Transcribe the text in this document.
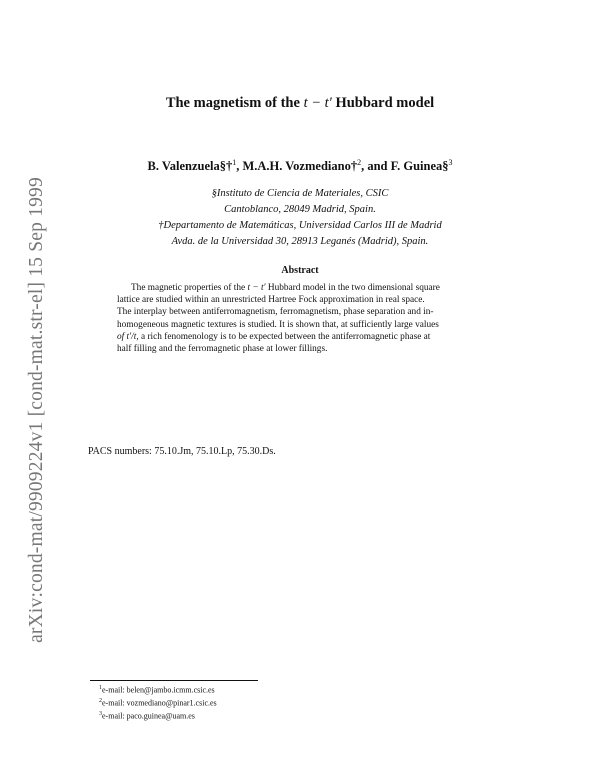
arXiv:cond-mat/9909224v1 [cond-mat.str-el] 15 Sep 1999
The magnetism of the t − t′ Hubbard model
B. Valenzuela§†$^1$, M.A.H. Vozmediano†$^2$, and F. Guinea§$^3$
§Instituto de Ciencia de Materiales, CSIC
Cantoblanco, 28049 Madrid, Spain.
†Departamento de Matemáticas, Universidad Carlos III de Madrid
Avda. de la Universidad 30, 28913 Leganés (Madrid), Spain.
Abstract
The magnetic properties of the t − t′ Hubbard model in the two dimensional square
lattice are studied within an unrestricted Hartree Fock approximation in real space.
The interplay between antiferromagnetism, ferromagnetism, phase separation and in-
homogeneous magnetic textures is studied. It is shown that, at sufficiently large values
of t′/t, a rich fenomenology is to be expected between the antiferromagnetic phase at
half filling and the ferromagnetic phase at lower fillings.
PACS numbers: 75.10.Jm, 75.10.Lp, 75.30.Ds.
$^1$e-mail: belen@jambo.icmm.csic.es
$^2$e-mail: vozmediano@pinar1.csic.es
$^3$e-mail: paco.guinea@uam.es
